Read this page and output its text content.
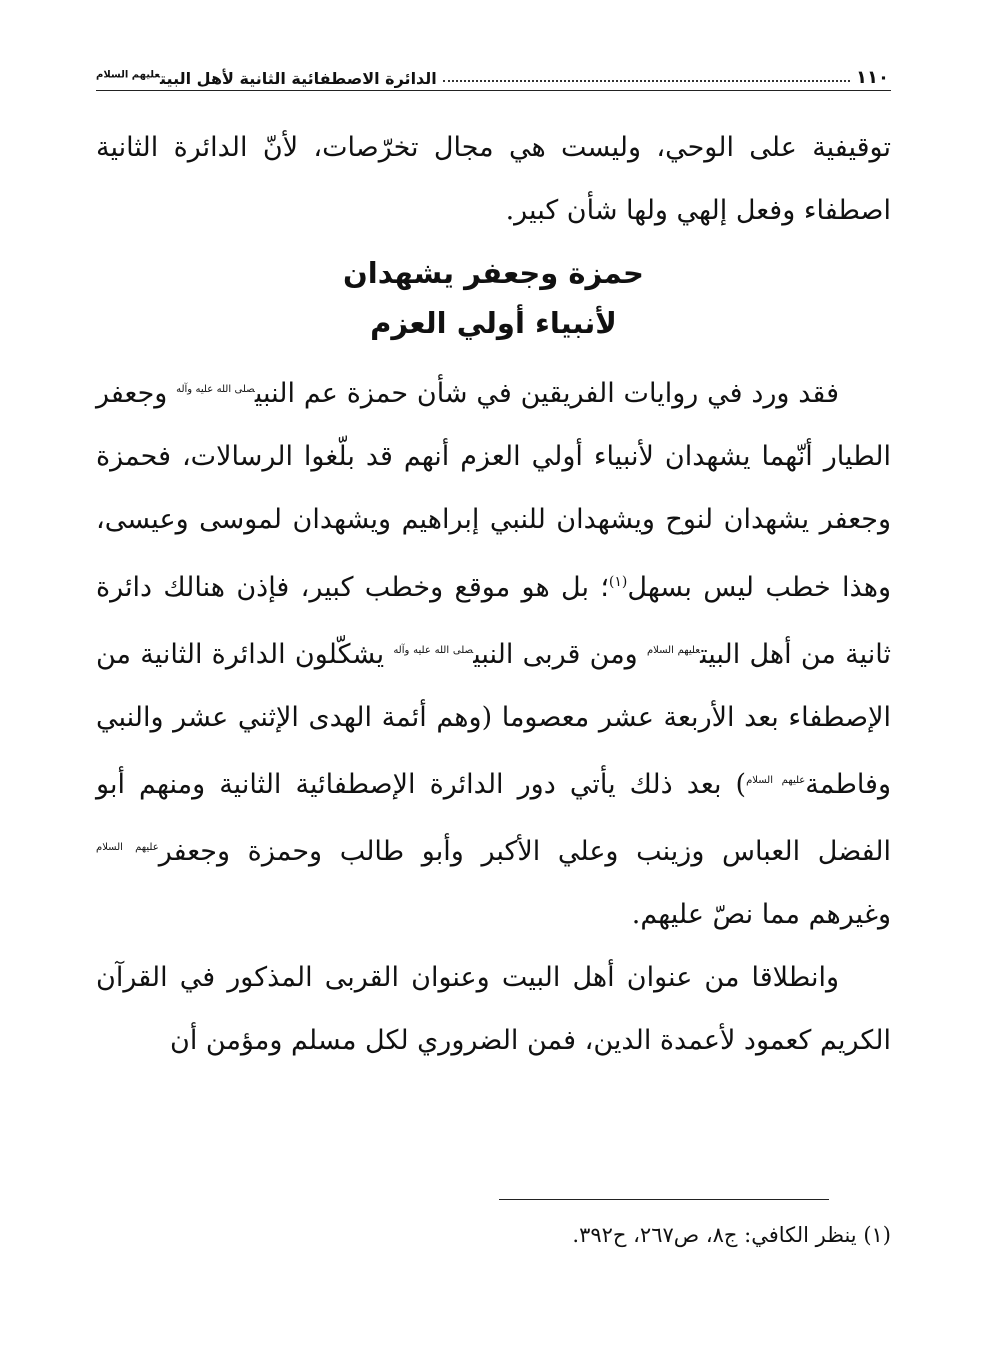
١١٠
الدائرة الاصطفائية الثانية لأهل البيت$^{عليهم السلام}$

توقيفية على الوحي، وليست هي مجال تخرّصات، لأنّ الدائرة الثانية اصطفاء وفعل إلهي ولها شأن كبير.

حمزة وجعفر يشهدان
لأنبياء أولي العزم

فقد ورد في روايات الفريقين في شأن حمزة عم النبي$^{صلى الله عليه وآله}$ وجعفر الطيار أنّهما يشهدان لأنبياء أولي العزم أنهم قد بلّغوا الرسالات، فحمزة وجعفر يشهدان لنوح ويشهدان للنبي إبراهيم ويشهدان لموسى وعيسى، وهذا خطب ليس بسهل$^{(١)}$؛ بل هو موقع وخطب كبير، فإذن هنالك دائرة ثانية من أهل البيت$^{عليهم السلام}$ ومن قربى النبي$^{صلى الله عليه وآله}$ يشكّلون الدائرة الثانية من الإصطفاء بعد الأربعة عشر معصوما (وهم أئمة الهدى الإثني عشر والنبي وفاطمة$^{عليهم السلام}$) بعد ذلك يأتي دور الدائرة الإصطفائية الثانية ومنهم أبو الفضل العباس وزينب وعلي الأكبر وأبو طالب وحمزة وجعفر$^{عليهم السلام}$ وغيرهم مما نصّ عليهم.

وانطلاقا من عنوان أهل البيت وعنوان القربى المذكور في القرآن الكريم كعمود لأعمدة الدين، فمن الضروري لكل مسلم ومؤمن أن

(١) ينظر الكافي: ج٨، ص٢٦٧، ح٣٩٢.
